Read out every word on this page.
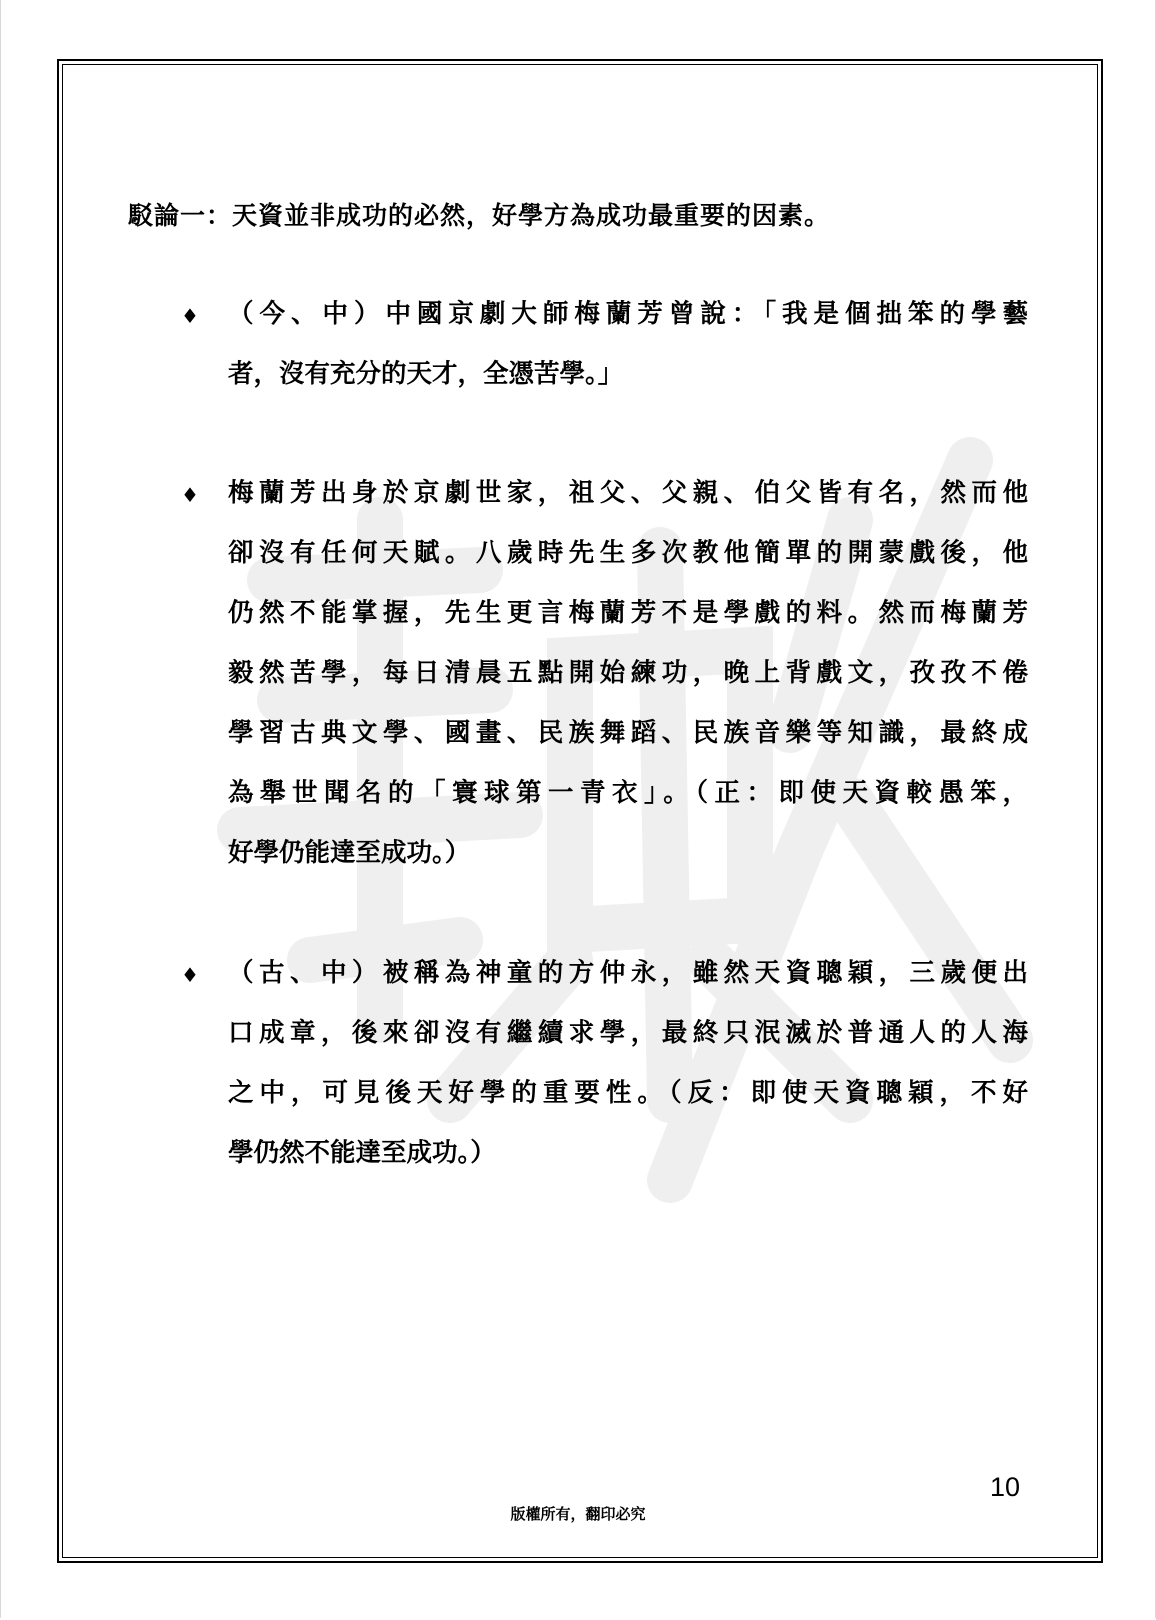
駁論一：天資並非成功的必然，好學方為成功最重要的因素。
♦ （今、中）中國京劇大師梅蘭芳曾說：「我是個拙笨的學藝
者，沒有充分的天才，全憑苦學。」
♦ 梅蘭芳出身於京劇世家，祖父、父親、伯父皆有名，然而他
卻沒有任何天賦。八歲時先生多次教他簡單的開蒙戲後，他
仍然不能掌握，先生更言梅蘭芳不是學戲的料。然而梅蘭芳
毅然苦學，每日清晨五點開始練功，晚上背戲文，孜孜不倦
學習古典文學、國畫、民族舞蹈、民族音樂等知識，最終成
為舉世聞名的「寰球第一青衣」。（正：即使天資較愚笨，
好學仍能達至成功。）
♦ （古、中）被稱為神童的方仲永，雖然天資聰穎，三歲便出
口成章，後來卻沒有繼續求學，最終只泯滅於普通人的人海
之中，可見後天好學的重要性。（反：即使天資聰穎，不好
學仍然不能達至成功。）
10
版權所有，翻印必究
